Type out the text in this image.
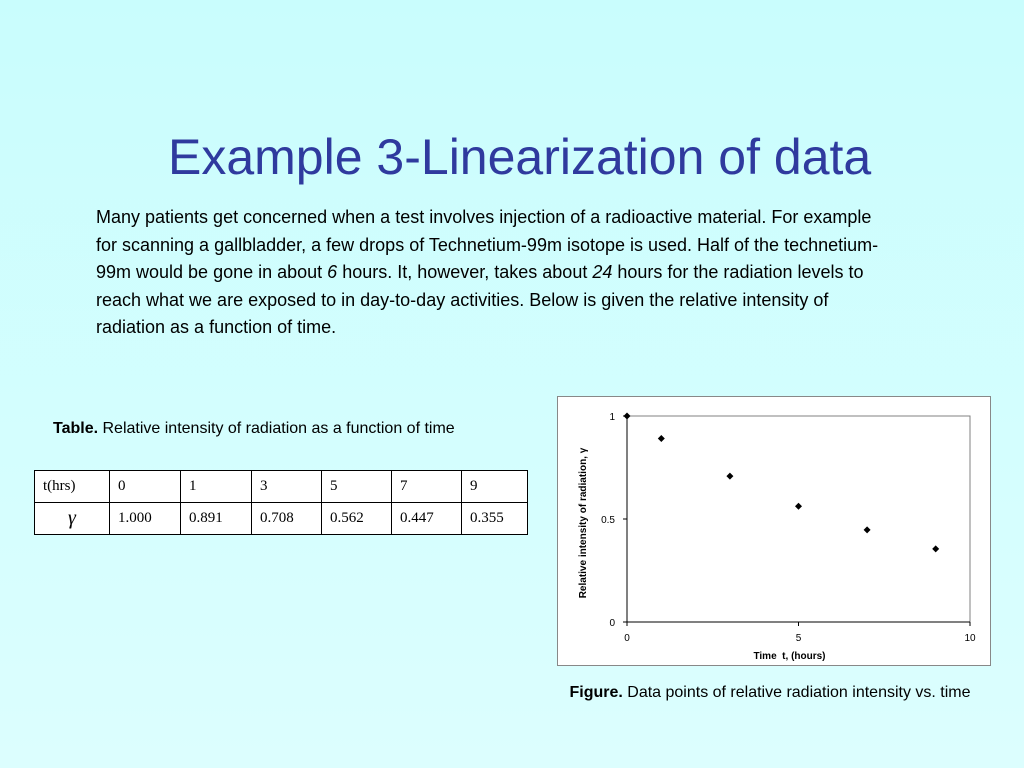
Example 3-Linearization of data
Many patients get concerned when a test involves injection of a radioactive material. For example for scanning a gallbladder, a few drops of Technetium-99m isotope is used. Half of the technetium-99m would be gone in about 6 hours. It, however, takes about 24 hours for the radiation levels to reach what we are exposed to in day-to-day activities. Below is given the relative intensity of radiation as a function of time.
Table. Relative intensity of radiation as a function of time
t(hrs)	0	1	3	5	7	9
γ	1.000	0.891	0.708	0.562	0.447	0.355
0
0.5
1
0	5	10
Time  t, (hours)
Relative intensity of radiation, γ
Figure. Data points of relative radiation intensity vs. time
